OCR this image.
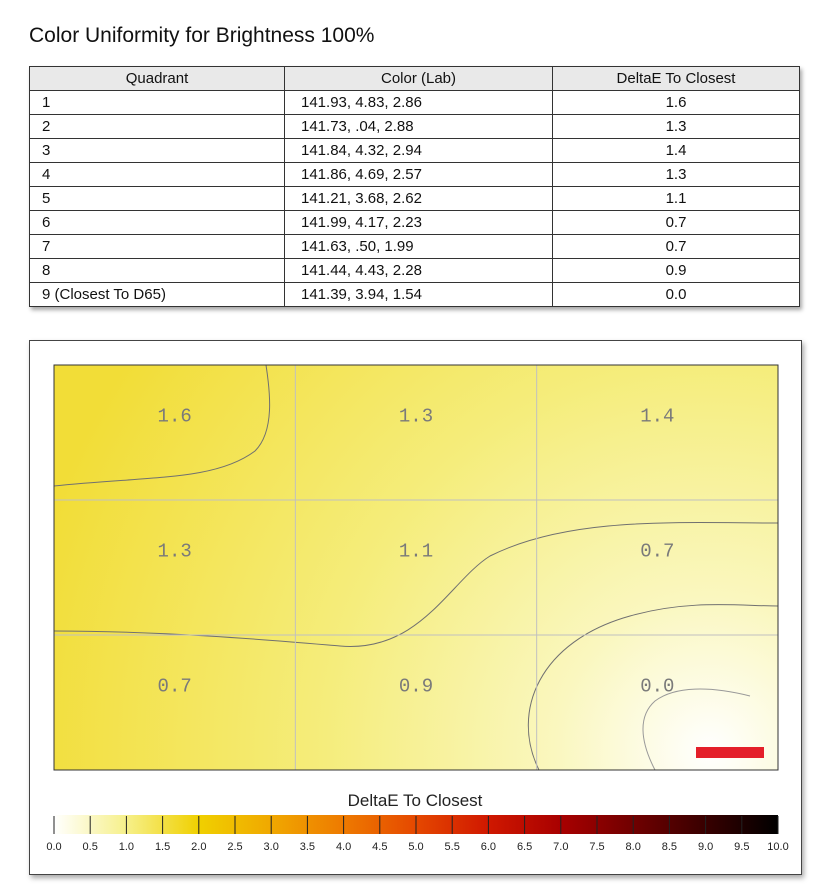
Color Uniformity for Brightness 100%
Quadrant	Color (Lab)	DeltaE To Closest
1	141.93, 4.83, 2.86	1.6
2	141.73, .04, 2.88	1.3
3	141.84, 4.32, 2.94	1.4
4	141.86, 4.69, 2.57	1.3
5	141.21, 3.68, 2.62	1.1
6	141.99, 4.17, 2.23	0.7
7	141.63, .50, 1.99	0.7
8	141.44, 4.43, 2.28	0.9
9 (Closest To D65)	141.39, 3.94, 1.54	0.0
1.6	1.3	1.4
1.3	1.1	0.7
0.7	0.9	0.0
DeltaE To Closest
0.0 0.5 1.0 1.5 2.0 2.5 3.0 3.5 4.0 4.5 5.0 5.5 6.0 6.5 7.0 7.5 8.0 8.5 9.0 9.5 10.0
